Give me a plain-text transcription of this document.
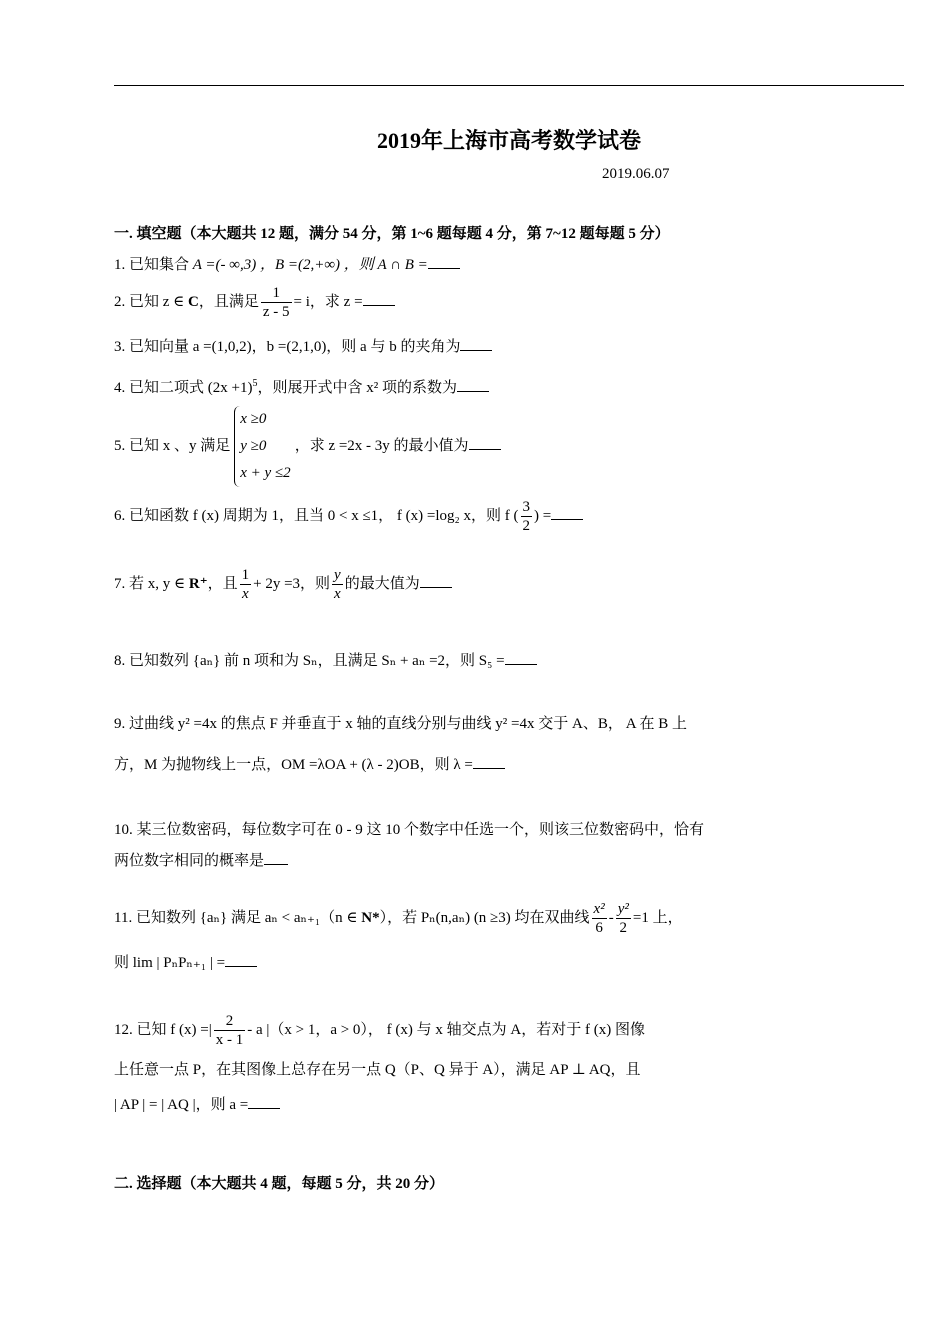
2019年上海市高考数学试卷
2019.06.07
一. 填空题（本大题共 12 题，满分 54 分，第 1~6 题每题 4 分，第 7~12 题每题 5 分）
1. 已知集合 A =(- ∞,3) ，B =(2,+∞) ，则 A ∩ B =
2. 已知 z ∈ C，且满足 $\frac{1}{z - 5} = i$，求 z =
3. 已知向量 a =(1,0,2)，b =(2,1,0)，则 a 与 b 的夹角为
4. 已知二项式 $(2x +1)^5$，则展开式中含 x² 项的系数为
5. 已知 x 、y 满足
x ≥0
y ≥0
x + y ≤2
，求 z =2x - 3y 的最小值为
6. 已知函数 f (x) 周期为 1，且当 0 < x ≤1， f (x) =log₂ x，则 f ( $\frac{3}{2}$ ) =
7. 若 x, y ∈ R⁺，且 $\frac{1}{x} + 2y =3$，则 $\frac{y}{x}$ 的最大值为
8. 已知数列 {aₙ} 前 n 项和为 Sₙ，且满足 Sₙ + aₙ =2，则 S₅ =
9. 过曲线 y² =4x 的焦点 F 并垂直于 x 轴的直线分别与曲线 y² =4x 交于 A、B， A 在 B 上
方，M 为抛物线上一点，OM =λOA + (λ - 2)OB，则 λ =
10. 某三位数密码，每位数字可在 0 - 9 这 10 个数字中任选一个，则该三位数密码中，恰有
两位数字相同的概率是
11. 已知数列 {aₙ} 满足 aₙ < aₙ₊₁（n ∈ N*），若 Pₙ(n,aₙ) (n ≥3) 均在双曲线 $\frac{\text{x²}}{6} - \frac{\text{y²}}{2} =1$ 上，
则 lim | PₙPₙ₊₁ | =
12. 已知 f (x) =| $\frac{2}{x - 1}$ - a |（x > 1，a > 0）， f (x) 与 x 轴交点为 A，若对于 f (x) 图像
上任意一点 P，在其图像上总存在另一点 Q（P、Q 异于 A），满足 AP ⊥ AQ，且
| AP | = | AQ |，则 a =
二. 选择题（本大题共 4 题，每题 5 分，共 20 分）
